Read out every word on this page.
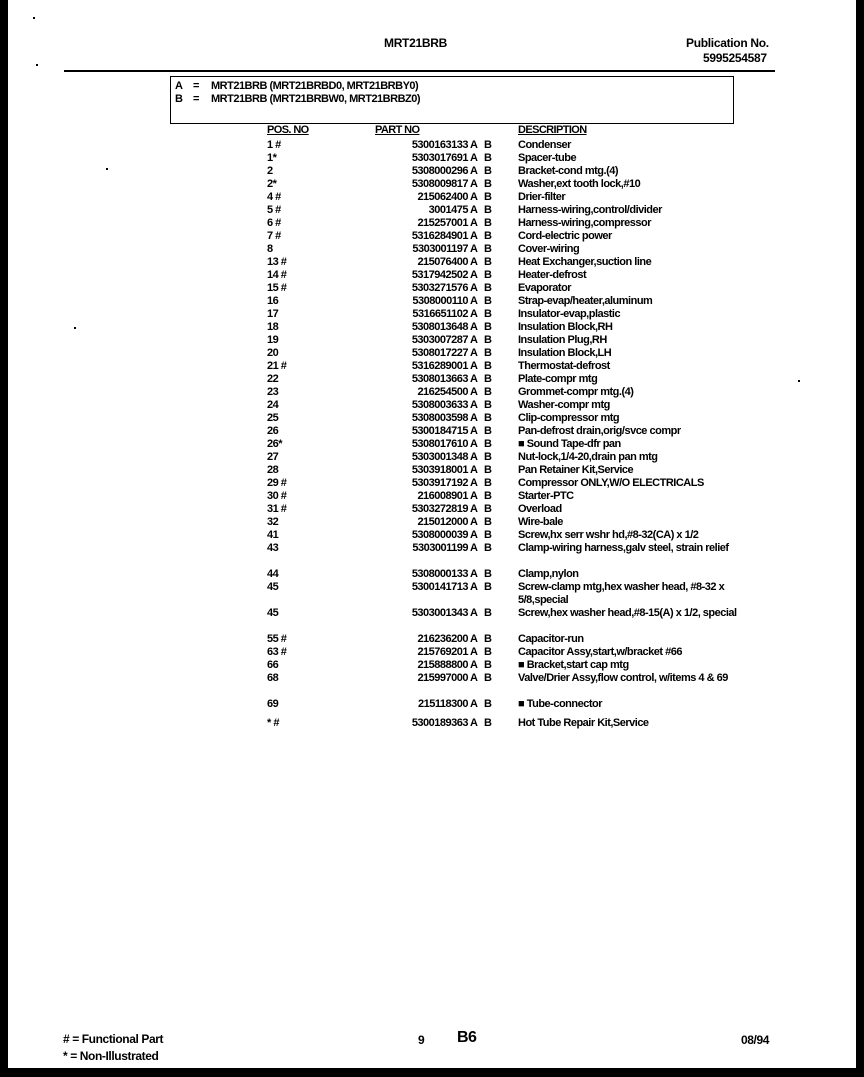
MRT21BRB	Publication No.
5995254587
A = MRT21BRB (MRT21BRBD0, MRT21BRBY0)
B = MRT21BRB (MRT21BRBW0, MRT21BRBZ0)
POS. NO	PART NO	DESCRIPTION
1 #	5300163133 A B Condenser
1*	5303017691 A B Spacer-tube
2	5308000296 A B Bracket-cond mtg.(4)
2*	5308009817 A B Washer,ext tooth lock,#10
4 #	215062400 A B Drier-filter
5 #	3001475 A B Harness-wiring,control/divider
6 #	215257001 A B Harness-wiring,compressor
7 #	5316284901 A B Cord-electric power
8	5303001197 A B Cover-wiring
13 #	215076400 A B Heat Exchanger,suction line
14 #	5317942502 A B Heater-defrost
15 #	5303271576 A B Evaporator
16	5308000110 A B Strap-evap/heater,aluminum
17	5316651102 A B Insulator-evap,plastic
18	5308013648 A B Insulation Block,RH
19	5303007287 A B Insulation Plug,RH
20	5308017227 A B Insulation Block,LH
21 #	5316289001 A B Thermostat-defrost
22	5308013663 A B Plate-compr mtg
23	216254500 A B Grommet-compr mtg.(4)
24	5308003633 A B Washer-compr mtg
25	5308003598 A B Clip-compressor mtg
26	5300184715 A B Pan-defrost drain,orig/svce compr
26*	5308017610 A B ■ Sound Tape-dfr pan
27	5303001348 A B Nut-lock,1/4-20,drain pan mtg
28	5303918001 A B Pan Retainer Kit,Service
29 #	5303917192 A B Compressor ONLY,W/O ELECTRICALS
30 #	216008901 A B Starter-PTC
31 #	5303272819 A B Overload
32	215012000 A B Wire-bale
41	5308000039 A B Screw,hx serr wshr hd,#8-32(CA) x 1/2
43	5303001199 A B Clamp-wiring harness,galv steel, strain relief
44	5308000133 A B Clamp,nylon
45	5300141713 A B Screw-clamp mtg,hex washer head, #8-32 x 5/8,special
45	5303001343 A B Screw,hex washer head,#8-15(A) x 1/2, special
55 #	216236200 A B Capacitor-run
63 #	215769201 A B Capacitor Assy,start,w/bracket #66
66	215888800 A B ■ Bracket,start cap mtg
68	215997000 A B Valve/Drier Assy,flow control, w/items 4 & 69
69	215118300 A B ■ Tube-connector
* #	5300189363 A B Hot Tube Repair Kit,Service
# = Functional Part
* = Non-Illustrated
9 B6	08/94
